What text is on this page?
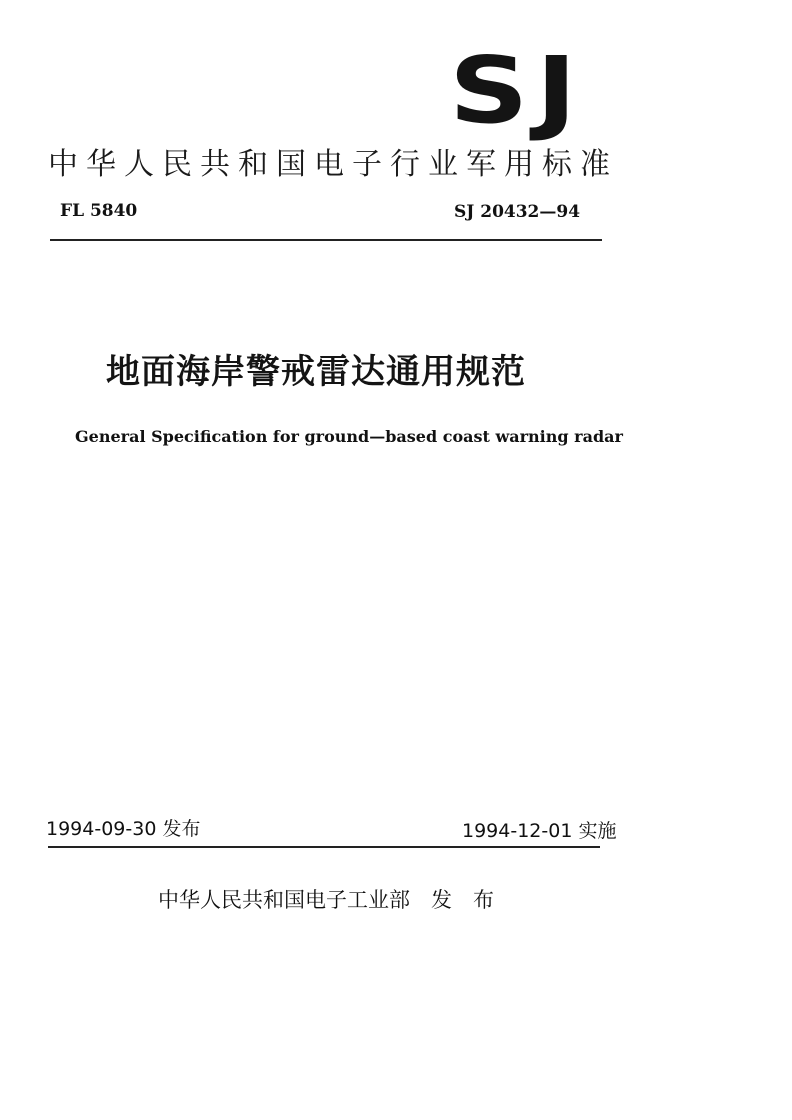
SJ
中华人民共和国电子行业军用标准
FL 5840	SJ 20432—94
地面海岸警戒雷达通用规范
General Specification for ground—based coast warning radar
1994-09-30 发布	1994-12-01 实施
中华人民共和国电子工业部　发　布
